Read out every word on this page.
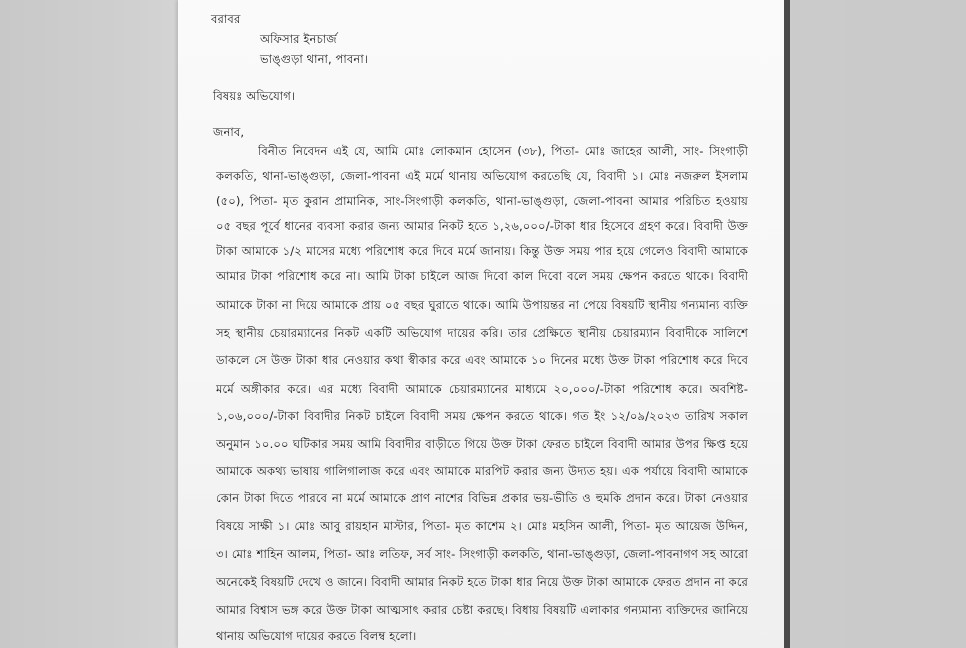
বরাবর
অফিসার ইনচার্জ
ভাঙ্গুড়া থানা, পাবনা।
বিষয়ঃ অভিযোগ।
জনাব,
বিনীত নিবেদন এই যে, আমি মোঃ লোকমান হোসেন (৩৮), পিতা- মোঃ জাহের আলী, সাং- সিংগাড়ী
কলকতি, থানা-ভাঙ্গুড়া, জেলা-পাবনা এই মর্মে থানায় অভিযোগ করতেছি যে, বিবাদী ১। মোঃ নজরুল ইসলাম
(৫০), পিতা- মৃত কুরান প্রামানিক, সাং-সিংগাড়ী কলকতি, থানা-ভাঙ্গুড়া, জেলা-পাবনা আমার পরিচিত হওয়ায়
০৫ বছর পূর্বে ধানের ব্যবসা করার জন্য আমার নিকট হতে ১,২৬,০০০/-টাকা ধার হিসেবে গ্রহণ করে। বিবাদী উক্ত
টাকা আমাকে ১/২ মাসের মধ্যে পরিশোধ করে দিবে মর্মে জানায়। কিন্তু উক্ত সময় পার হয়ে গেলেও বিবাদী আমাকে
আমার টাকা পরিশোধ করে না। আমি টাকা চাইলে আজ দিবো কাল দিবো বলে সময় ক্ষেপন করতে থাকে। বিবাদী
আমাকে টাকা না দিয়ে আমাকে প্রায় ০৫ বছর ঘুরাতে থাকে। আমি উপায়ন্তর না পেয়ে বিষয়টি স্থানীয় গন্যমান্য ব্যক্তি
সহ স্থানীয় চেয়ারম্যানের নিকট একটি অভিযোগ দায়ের করি। তার প্রেক্ষিতে স্থানীয় চেয়ারম্যান বিবাদীকে সালিশে
ডাকলে সে উক্ত টাকা ধার নেওয়ার কথা স্বীকার করে এবং আমাকে ১০ দিনের মধ্যে উক্ত টাকা পরিশোধ করে দিবে
মর্মে অঙ্গীকার করে। এর মধ্যে বিবাদী আমাকে চেয়ারম্যানের মাধ্যমে ২০,০০০/-টাকা পরিশোধ করে। অবশিষ্ট-
১,০৬,০০০/-টাকা বিবাদীর নিকট চাইলে বিবাদী সময় ক্ষেপন করতে থাকে। গত ইং ১২/০৯/২০২৩ তারিখ সকাল
অনুমান ১০.০০ ঘটিকার সময় আমি বিবাদীর বাড়ীতে গিয়ে উক্ত টাকা ফেরত চাইলে বিবাদী আমার উপর ক্ষিপ্ত হয়ে
আমাকে অকথ্য ভাষায় গালিগালাজ করে এবং আমাকে মারপিট করার জন্য উদ্যত হয়। এক পর্যায়ে বিবাদী আমাকে
কোন টাকা দিতে পারবে না মর্মে আমাকে প্রাণ নাশের বিভিন্ন প্রকার ভয়-ভীতি ও হুমকি প্রদান করে। টাকা নেওয়ার
বিষয়ে সাক্ষী ১। মোঃ আবু রায়হান মাস্টার, পিতা- মৃত কাশেম ২। মোঃ মহসিন আলী, পিতা- মৃত আয়েজ উদ্দিন,
৩। মোঃ শাহিন আলম, পিতা- আঃ লতিফ, সর্ব সাং- সিংগাড়ী কলকতি, থানা-ভাঙ্গুড়া, জেলা-পাবনাগণ সহ আরো
অনেকেই বিষয়টি দেখে ও জানে। বিবাদী আমার নিকট হতে টাকা ধার নিয়ে উক্ত টাকা আমাকে ফেরত প্রদান না করে
আমার বিশ্বাস ভঙ্গ করে উক্ত টাকা আত্মসাৎ করার চেষ্টা করছে। বিধায় বিষয়টি এলাকার গন্যমান্য ব্যক্তিদের জানিয়ে
থানায় অভিযোগ দায়ের করতে বিলম্ব হলো।
